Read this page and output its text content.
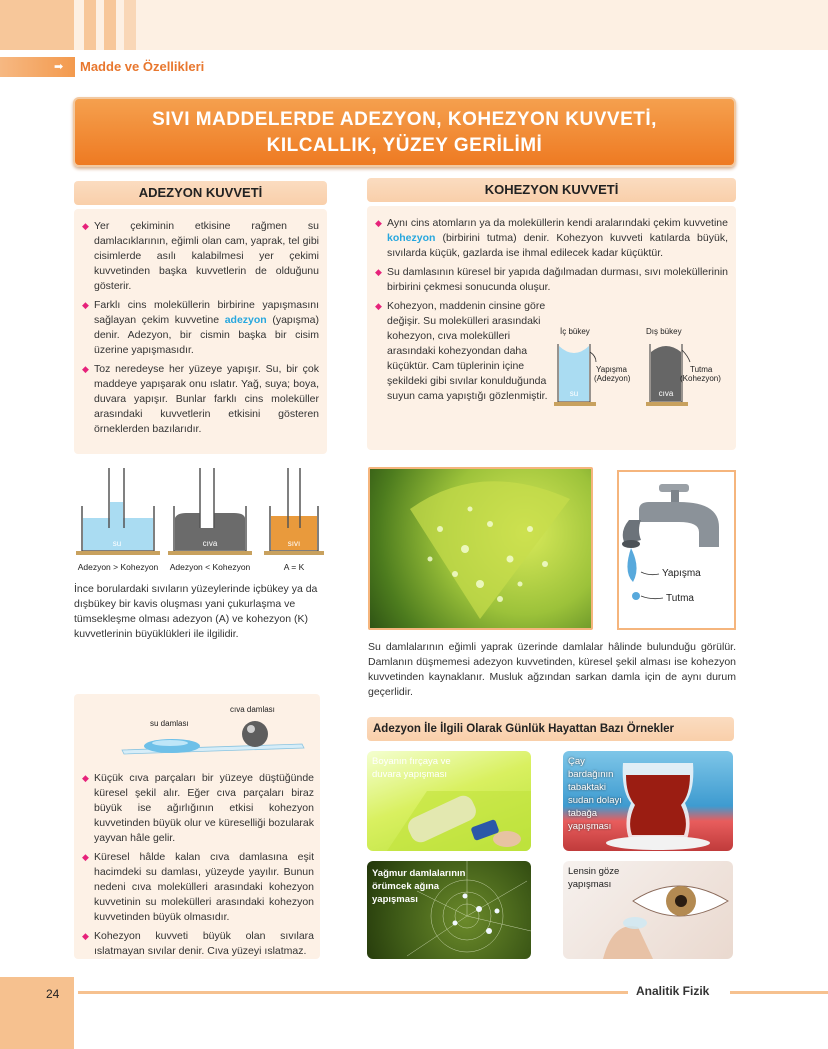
➡ Madde ve Özellikleri
SIVI MADDELERDE ADEZYON, KOHEZYON KUVVETİ,
KILCALLIK, YÜZEY GERİLİMİ
ADEZYON KUVVETİ
◆ Yer çekiminin etkisine rağmen su damlacıklarının, eğimli olan cam, yaprak, tel gibi cisimlerde asılı kalabilmesi yer çekimi kuvvetinden başka kuvvetlerin de olduğunu gösterir.
◆ Farklı cins moleküllerin birbirine yapışmasını sağlayan çekim kuvvetine adezyon (yapışma) denir. Adezyon, bir cismin başka bir cisim üzerine yapışmasıdır.
◆ Toz neredeyse her yüzeye yapışır. Su, bir çok maddeye yapışarak onu ıslatır. Yağ, suya; boya, duvara yapışır. Bunlar farklı cins moleküller arasındaki kuvvetlerin etkisini gösteren örneklerden bazılarıdır.
su
Adezyon > Kohezyon
cıva
Adezyon < Kohezyon
sıvı
A = K
İnce borulardaki sıvıların yüzeylerinde içbükey ya da dışbükey bir kavis oluşması yani çukurlaşma ve tümsekleşme olması adezyon (A) ve kohezyon (K) kuvvetlerinin büyüklükleri ile ilgilidir.
su damlası
cıva damlası
◆ Küçük cıva parçaları bir yüzeye düştüğünde küresel şekil alır. Eğer cıva parçaları biraz büyük ise ağırlığının etkisi kohezyon kuvvetinden büyük olur ve küreselliği bozularak yayvan hâle gelir.
◆ Küresel hâlde kalan cıva damlasına eşit hacimdeki su damlası, yüzeyde yayılır. Bunun nedeni cıva molekülleri arasındaki kohezyon kuvvetinin su molekülleri arasındaki kohezyon kuvvetinden büyük olmasıdır.
◆ Kohezyon kuvveti büyük olan sıvılara ıslatmayan sıvılar denir. Cıva yüzeyi ıslatmaz.
KOHEZYON KUVVETİ
◆ Aynı cins atomların ya da moleküllerin kendi aralarındaki çekim kuvvetine kohezyon (birbirini tutma) denir. Kohezyon kuvveti katılarda büyük, sıvılarda küçük, gazlarda ise ihmal edilecek kadar küçüktür.
◆ Su damlasının küresel bir yapıda dağılmadan durması, sıvı moleküllerinin birbirini çekmesi sonucunda oluşur.
◆ Kohezyon, maddenin cinsine göre değişir. Su molekülleri arasındaki kohezyon, cıva molekülleri arasındaki kohezyondan daha küçüktür. Cam tüplerinin içine şekildeki gibi sıvılar konulduğunda suyun cama yapıştığı gözlenmiştir.
İç bükey	Dış bükey
su
Yapışma
(Adezyon)
cıva
Tutma
(Kohezyon)
Yapışma
Tutma
Su damlalarının eğimli yaprak üzerinde damlalar hâlinde bulunduğu görülür. Damlanın düşmemesi adezyon kuvvetinden, küresel şekil alması ise kohezyon kuvvetinden kaynaklanır. Musluk ağzından sarkan damla için de aynı durum geçerlidir.
Adezyon İle İlgili Olarak Günlük Hayattan Bazı Örnekler
Boyanın fırçaya ve duvara yapışması
Çay bardağının tabaktaki sudan dolayı tabağa yapışması
Yağmur damlalarının örümcek ağına yapışması
Lensin göze yapışması
24	Analitik Fizik
